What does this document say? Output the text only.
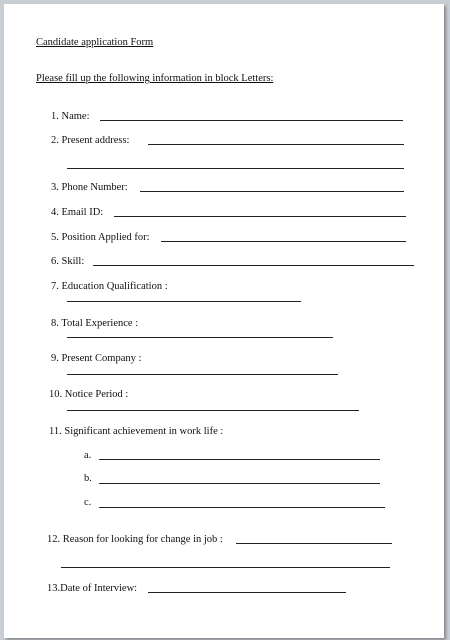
Candidate application Form
Please fill up the following information in block Letters:
1. Name:
2. Present address:
3. Phone Number:
4. Email ID:
5. Position Applied for:
6. Skill:
7. Education Qualification :
8. Total Experience :
9. Present Company :
10. Notice Period :
11. Significant achievement in work life :
a.
b.
c.
12. Reason for looking for change in job :
13.Date of Interview:
